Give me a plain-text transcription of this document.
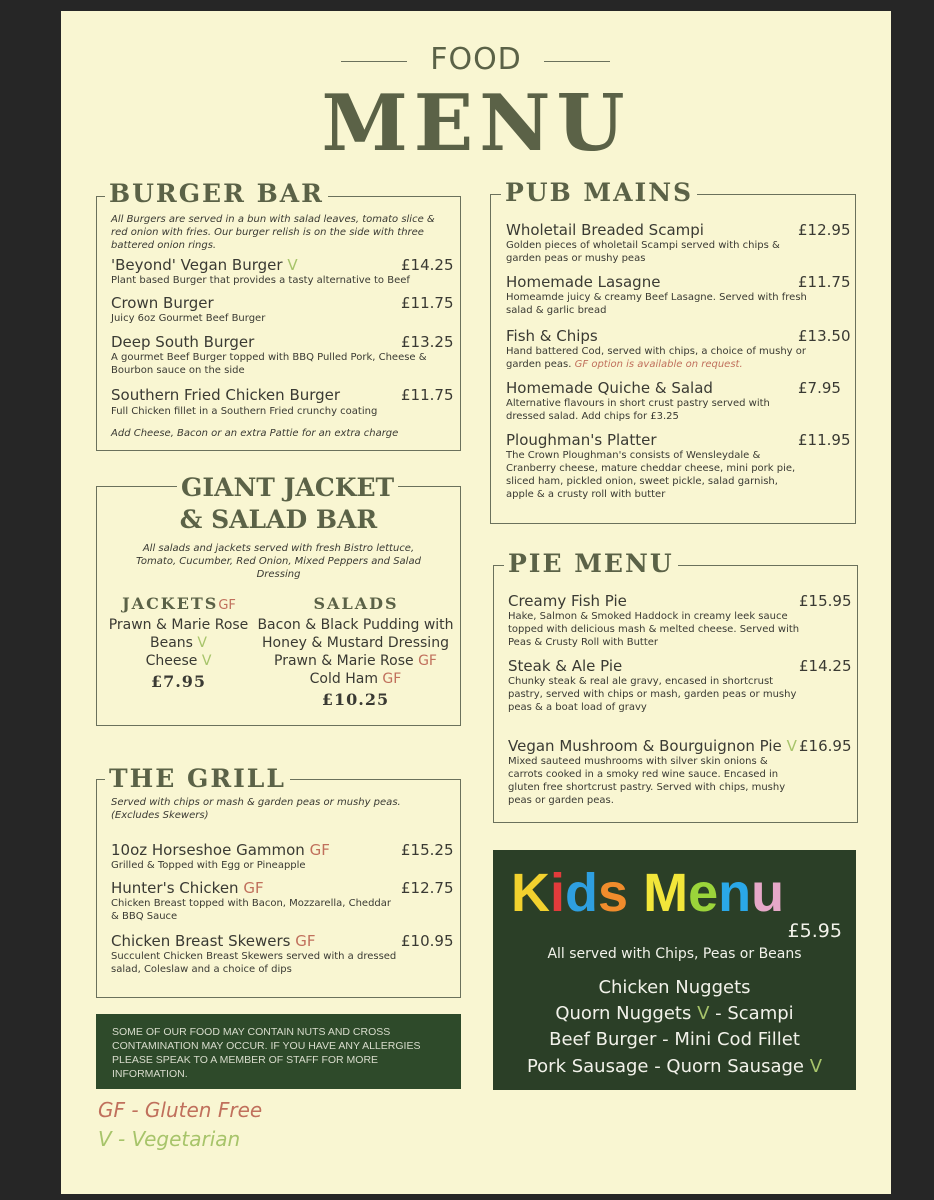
FOOD
MENU
BURGER BAR
All Burgers are served in a bun with salad leaves, tomato slice & red onion with fries. Our burger relish is on the side with three battered onion rings.
'Beyond' Vegan Burger V	£14.25
Plant based Burger that provides a tasty alternative to Beef
Crown Burger	£11.75
Juicy 6oz Gourmet Beef Burger
Deep South Burger	£13.25
A gourmet Beef Burger topped with BBQ Pulled Pork, Cheese & Bourbon sauce on the side
Southern Fried Chicken Burger	£11.75
Full Chicken fillet in a Southern Fried crunchy coating
Add Cheese, Bacon or an extra Pattie for an extra charge
GIANT JACKET
& SALAD BAR
All salads and jackets served with fresh Bistro lettuce, Tomato, Cucumber, Red Onion, Mixed Peppers and Salad Dressing
JACKETSGF
Prawn & Marie Rose
Beans V
Cheese V
£7.95
SALADS
Bacon & Black Pudding with
Honey & Mustard Dressing
Prawn & Marie Rose GF
Cold Ham GF
£10.25
THE GRILL
Served with chips or mash & garden peas or mushy peas. (Excludes Skewers)
10oz Horseshoe Gammon GF	£15.25
Grilled & Topped with Egg or Pineapple
Hunter's Chicken GF	£12.75
Chicken Breast topped with Bacon, Mozzarella, Cheddar & BBQ Sauce
Chicken Breast Skewers GF	£10.95
Succulent Chicken Breast Skewers served with a dressed salad, Coleslaw and a choice of dips
SOME OF OUR FOOD MAY CONTAIN NUTS AND CROSS CONTAMINATION MAY OCCUR. IF YOU HAVE ANY ALLERGIES PLEASE SPEAK TO A MEMBER OF STAFF FOR MORE INFORMATION.
GF - Gluten Free
V - Vegetarian
PUB MAINS
Wholetail Breaded Scampi	£12.95
Golden pieces of wholetail Scampi served with chips & garden peas or mushy peas
Homemade Lasagne	£11.75
Homeamde juicy & creamy Beef Lasagne. Served with fresh salad & garlic bread
Fish & Chips	£13.50
Hand battered Cod, served with chips, a choice of mushy or garden peas. GF option is available on request.
Homemade Quiche & Salad	£7.95
Alternative flavours in short crust pastry served with dressed salad. Add chips for £3.25
Ploughman's Platter	£11.95
The Crown Ploughman's consists of Wensleydale & Cranberry cheese, mature cheddar cheese, mini pork pie, sliced ham, pickled onion, sweet pickle, salad garnish, apple & a crusty roll with butter
PIE MENU
Creamy Fish Pie	£15.95
Hake, Salmon & Smoked Haddock in creamy leek sauce topped with delicious mash & melted cheese. Served with Peas & Crusty Roll with Butter
Steak & Ale Pie	£14.25
Chunky steak & real ale gravy, encased in shortcrust pastry, served with chips or mash, garden peas or mushy peas & a boat load of gravy
Vegan Mushroom & Bourguignon Pie V £16.95
Mixed sauteed mushrooms with silver skin onions & carrots cooked in a smoky red wine sauce. Encased in gluten free shortcrust pastry. Served with chips, mushy peas or garden peas.
Kids Menu
£5.95
All served with Chips, Peas or Beans
Chicken Nuggets
Quorn Nuggets V - Scampi
Beef Burger - Mini Cod Fillet
Pork Sausage - Quorn Sausage V
